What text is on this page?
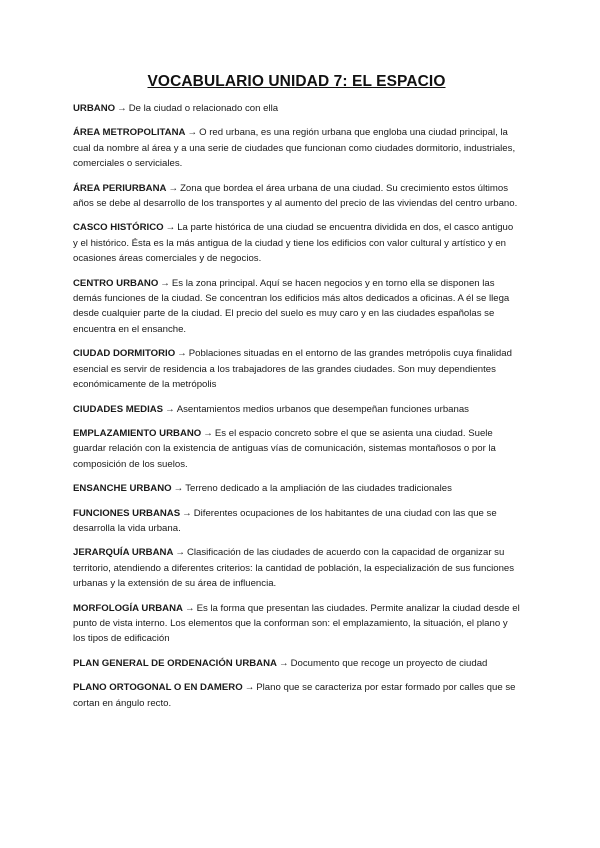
VOCABULARIO UNIDAD 7: EL ESPACIO

URBANO → De la ciudad o relacionado con ella

ÁREA METROPOLITANA → O red urbana, es una región urbana que engloba una ciudad principal, la cual da nombre al área y a una serie de ciudades que funcionan como ciudades dormitorio, industriales, comerciales o serviciales.

ÁREA PERIURBANA → Zona que bordea el área urbana de una ciudad. Su crecimiento estos últimos años se debe al desarrollo de los transportes y al aumento del precio de las viviendas del centro urbano.

CASCO HISTÓRICO → La parte histórica de una ciudad se encuentra dividida en dos, el casco antiguo y el histórico. Ésta es la más antigua de la ciudad y tiene los edificios con valor cultural y artístico y en ocasiones áreas comerciales y de negocios.

CENTRO URBANO → Es la zona principal. Aquí se hacen negocios y en torno ella se disponen las demás funciones de la ciudad. Se concentran los edificios más altos dedicados a oficinas. A él se llega desde cualquier parte de la ciudad. El precio del suelo es muy caro y en las ciudades españolas se encuentra en el ensanche.

CIUDAD DORMITORIO → Poblaciones situadas en el entorno de las grandes metrópolis cuya finalidad esencial es servir de residencia a los trabajadores de las grandes ciudades. Son muy dependientes económicamente de la metrópolis

CIUDADES MEDIAS → Asentamientos medios urbanos que desempeñan funciones urbanas

EMPLAZAMIENTO URBANO → Es el espacio concreto sobre el que se asienta una ciudad. Suele guardar relación con la existencia de antiguas vías de comunicación, sistemas montañosos o por la composición de los suelos.

ENSANCHE URBANO → Terreno dedicado a la ampliación de las ciudades tradicionales

FUNCIONES URBANAS → Diferentes ocupaciones de los habitantes de una ciudad con las que se desarrolla la vida urbana.

JERARQUÍA URBANA → Clasificación de las ciudades de acuerdo con la capacidad de organizar su territorio, atendiendo a diferentes criterios: la cantidad de población, la especialización de sus funciones urbanas y la extensión de su área de influencia.

MORFOLOGÍA URBANA → Es la forma que presentan las ciudades. Permite analizar la ciudad desde el punto de vista interno. Los elementos que la conforman son: el emplazamiento, la situación, el plano y los tipos de edificación

PLAN GENERAL DE ORDENACIÓN URBANA → Documento que recoge un proyecto de ciudad

PLANO ORTOGONAL O EN DAMERO → Plano que se caracteriza por estar formado por calles que se cortan en ángulo recto.
